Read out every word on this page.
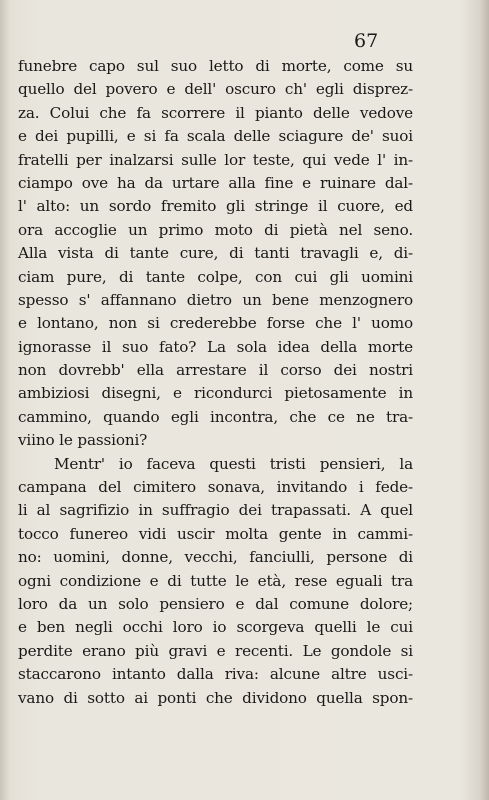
67
funebre capo sul suo letto di morte, come su
quello del povero e dell' oscuro ch' egli disprez-
za. Colui che fa scorrere il pianto delle vedove
e dei pupilli, e si fa scala delle sciagure de' suoi
fratelli per inalzarsi sulle lor teste, qui vede l' in-
ciampo ove ha da urtare alla fine e ruinare dal-
l' alto: un sordo fremito gli stringe il cuore, ed
ora accoglie un primo moto di pietà nel seno.
Alla vista di tante cure, di tanti travagli e, di-
ciam pure, di tante colpe, con cui gli uomini
spesso s' affannano dietro un bene menzognero
e lontano, non si crederebbe forse che l' uomo
ignorasse il suo fato? La sola idea della morte
non dovrebb' ella arrestare il corso dei nostri
ambiziosi disegni, e ricondurci pietosamente in
cammino, quando egli incontra, che ce ne tra-
viino le passioni?
Mentr' io faceva questi tristi pensieri, la
campana del cimitero sonava, invitando i fede-
li al sagrifizio in suffragio dei trapassati. A quel
tocco funereo vidi uscir molta gente in cammi-
no: uomini, donne, vecchi, fanciulli, persone di
ogni condizione e di tutte le età, rese eguali tra
loro da un solo pensiero e dal comune dolore;
e ben negli occhi loro io scorgeva quelli le cui
perdite erano più gravi e recenti. Le gondole si
staccarono intanto dalla riva: alcune altre usci-
vano di sotto ai ponti che dividono quella spon-
